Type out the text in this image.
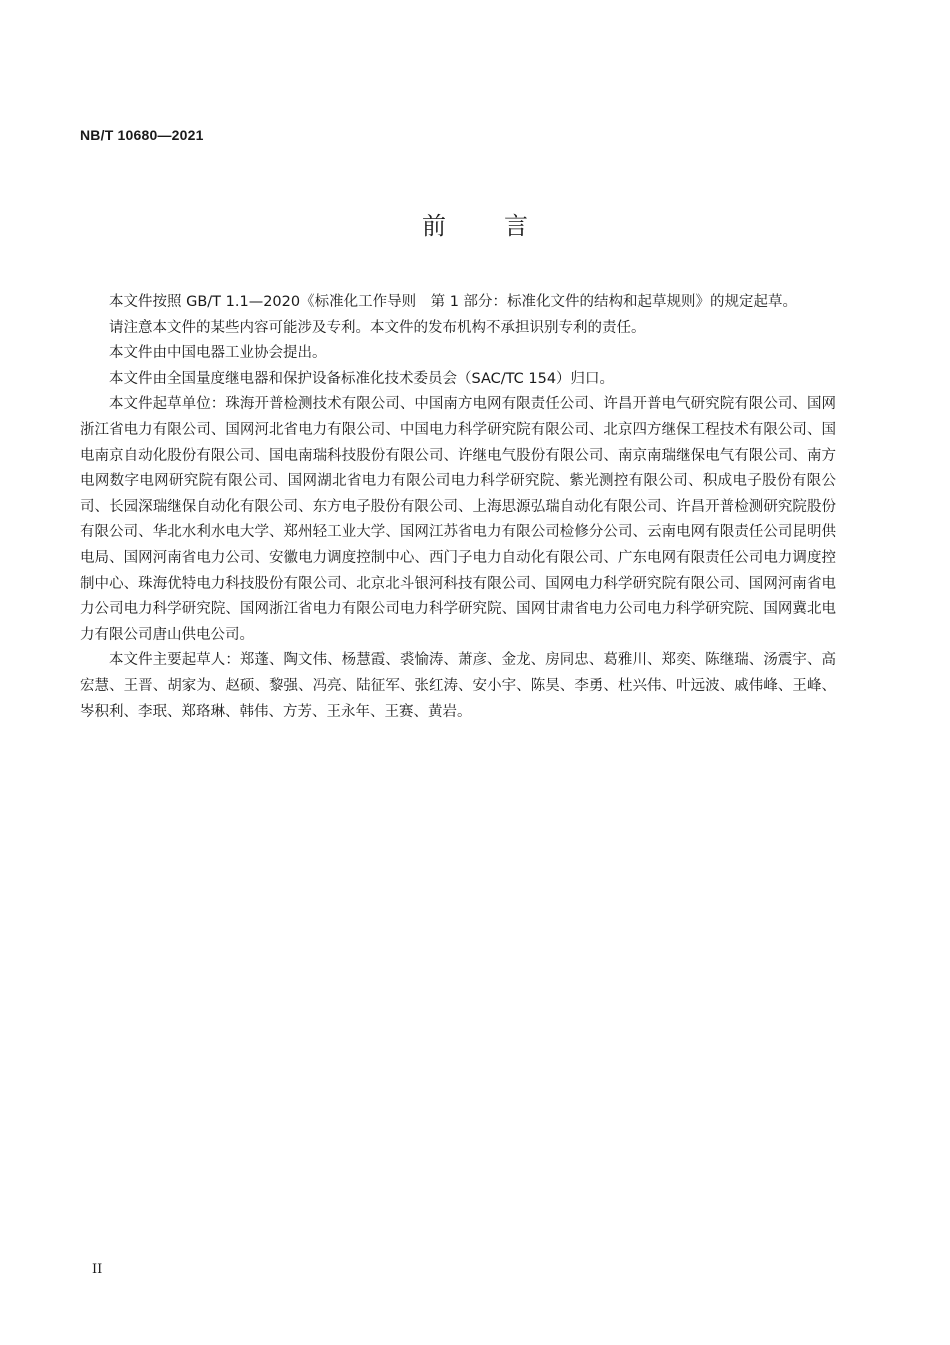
NB/T 10680—2021
前言

本文件按照 GB/T 1.1—2020《标准化工作导则　第 1 部分：标准化文件的结构和起草规则》的规定起草。

请注意本文件的某些内容可能涉及专利。本文件的发布机构不承担识别专利的责任。

本文件由中国电器工业协会提出。

本文件由全国量度继电器和保护设备标准化技术委员会（SAC/TC 154）归口。

本文件起草单位：珠海开普检测技术有限公司、中国南方电网有限责任公司、许昌开普电气研究院有限公司、国网浙江省电力有限公司、国网河北省电力有限公司、中国电力科学研究院有限公司、北京四方继保工程技术有限公司、国电南京自动化股份有限公司、国电南瑞科技股份有限公司、许继电气股份有限公司、南京南瑞继保电气有限公司、南方电网数字电网研究院有限公司、国网湖北省电力有限公司电力科学研究院、紫光测控有限公司、积成电子股份有限公司、长园深瑞继保自动化有限公司、东方电子股份有限公司、上海思源弘瑞自动化有限公司、许昌开普检测研究院股份有限公司、华北水利水电大学、郑州轻工业大学、国网江苏省电力有限公司检修分公司、云南电网有限责任公司昆明供电局、国网河南省电力公司、安徽电力调度控制中心、西门子电力自动化有限公司、广东电网有限责任公司电力调度控制中心、珠海优特电力科技股份有限公司、北京北斗银河科技有限公司、国网电力科学研究院有限公司、国网河南省电力公司电力科学研究院、国网浙江省电力有限公司电力科学研究院、国网甘肃省电力公司电力科学研究院、国网冀北电力有限公司唐山供电公司。

本文件主要起草人：郑蓬、陶文伟、杨慧霞、裘愉涛、萧彦、金龙、房同忠、葛雅川、郑奕、陈继瑞、汤震宇、高宏慧、王晋、胡家为、赵硕、黎强、冯亮、陆征军、张红涛、安小宇、陈昊、李勇、杜兴伟、叶远波、戚伟峰、王峰、岑积利、李珉、郑珞琳、韩伟、方芳、王永年、王赛、黄岩。

II
